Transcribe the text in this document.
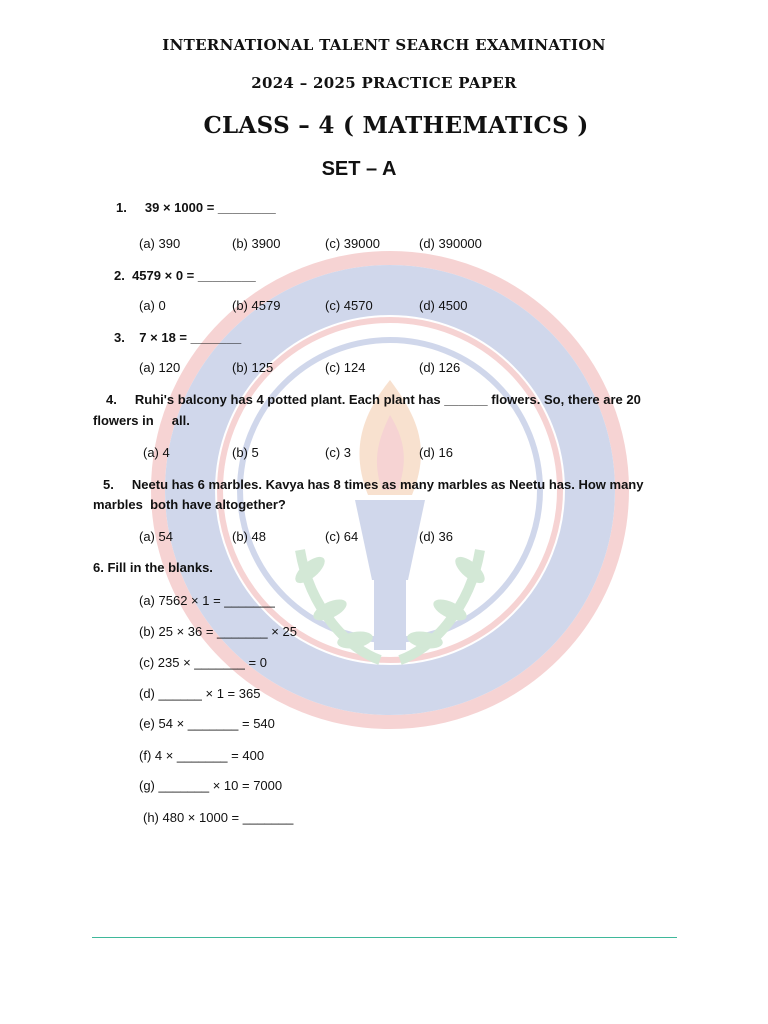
INTERNATIONAL TALENT SEARCH EXAMINATION
2024 – 2025 PRACTICE PAPER
CLASS – 4 ( MATHEMATICS )
SET – A
1. 39 × 1000 = ________
(a) 390	(b) 3900	(c) 39000	(d) 390000
2. 4579 × 0 = ________
(a) 0	(b) 4579	(c) 4570	(d) 4500
3. 7 × 18 = _______
(a) 120	(b) 125	(c) 124	(d) 126
4. Ruhi's balcony has 4 potted plant. Each plant has ______ flowers. So, there are 20
flowers in     all.
(a) 4	(b) 5	(c) 3	(d) 16
5. Neetu has 6 marbles. Kavya has 8 times as many marbles as Neetu has. How many
marbles  both have altogether?
(a) 54	(b) 48	(c) 64	(d) 36
6. Fill in the blanks.
(a) 7562 × 1 = _______
(b) 25 × 36 = _______ × 25
(c) 235 × _______ = 0
(d) ______ × 1 = 365
(e) 54 × _______ = 540
(f) 4 × _______ = 400
(g) _______ × 10 = 7000
(h) 480 × 1000 = _______
